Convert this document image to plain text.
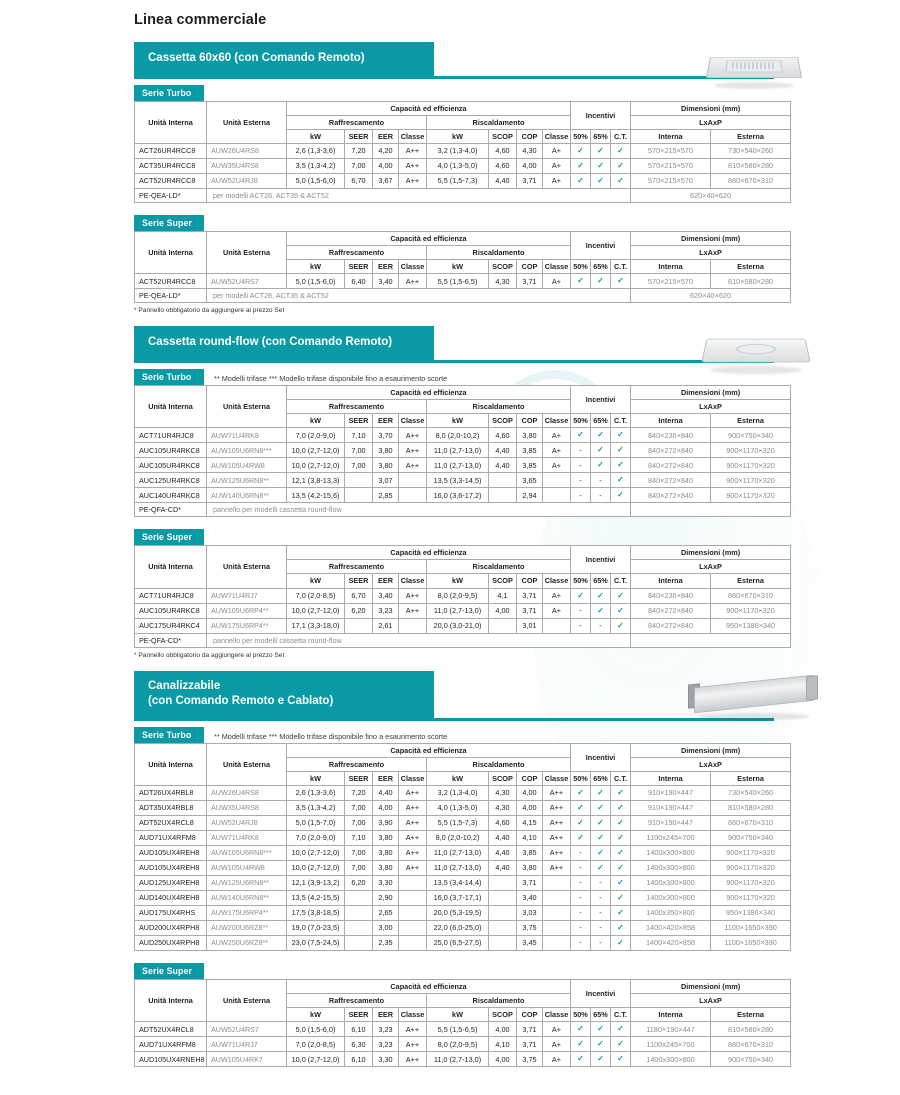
Linea commerciale
Cassetta 60x60 (con Comando Remoto)
Serie Turbo
Unità Interna	Unità Esterna	Capacità ed efficienza								Incentivi			Dimensioni (mm)	
		Raffrescamento				Riscaldamento							LxAxP	
		kW	SEER	EER	Classe	kW	SCOP	COP	Classe	50%	65%	C.T.	Interna	Esterna
ACT26UR4RCC8	AUW26U4RS8	2,6 (1,3-3,6)	7,20	4,20	A++	3,2 (1,3-4,0)	4,60	4,30	A+	✓	✓	✓	570×215×570	730×540×260
ACT35UR4RCC8	AUW35U4RS8	3,5 (1,3-4,2)	7,00	4,00	A++	4,0 (1,3-5,0)	4,60	4,00	A+	✓	✓	✓	570×215×570	810×580×280
ACT52UR4RCC8	AUW52U4RJ8	5,0 (1,5-6,0)	6,70	3,67	A++	5,5 (1,5-7,3)	4,40	3,71	A+	✓	✓	✓	570×215×570	860×670×310
PE-QEA-LD*	per modelli ACT26, ACT35 & ACT52												620×40×620	
Serie Super
Unità Interna	Unità Esterna	Capacità ed efficienza								Incentivi			Dimensioni (mm)	
		Raffrescamento				Riscaldamento							LxAxP	
		kW	SEER	EER	Classe	kW	SCOP	COP	Classe	50%	65%	C.T.	Interna	Esterna
ACT52UR4RCC8	AUW52U4RS7	5,0 (1,5-6,0)	6,40	3,40	A++	5,5 (1,5-6,5)	4,30	3,71	A+	✓	✓	✓	570×215×570	810×580×280
PE-QEA-LD*	per modelli ACT26, ACT35 & ACT52												620×40×620	
* Pannello obbligatorio da aggiungere al prezzo Set
Cassetta round-flow (con Comando Remoto)
Serie Turbo	** Modelli trifase *** Modello trifase disponibile fino a esaurimento scorte
Unità Interna	Unità Esterna	Capacità ed efficienza								Incentivi			Dimensioni (mm)	
		Raffrescamento				Riscaldamento							LxAxP	
		kW	SEER	EER	Classe	kW	SCOP	COP	Classe	50%	65%	C.T.	Interna	Esterna
ACT71UR4RJC8	AUW71U4RK8	7,0 (2,0-9,0)	7,10	3,70	A++	8,0 (2,0-10,2)	4,60	3,80	A+	✓	✓	✓	840×236×840	900×750×340
AUC105UR4RKC8	AUW105U6RN8***	10,0 (2,7-12,0)	7,00	3,80	A++	11,0 (2,7-13,0)	4,40	3,85	A+	-	✓	✓	840×272×840	900×1170×320
AUC105UR4RKC8	AUW105U4RW8	10,0 (2,7-12,0)	7,00	3,80	A++	11,0 (2,7-13,0)	4,40	3,85	A+	-	✓	✓	840×272×840	900×1170×320
AUC125UR4RKC8	AUW125U6RN8**	12,1 (3,8-13,3)		3,07		13,5 (3,3-14,5)		3,65		-	-	✓	840×272×840	900×1170×320
AUC140UR4RKC8	AUW140U6RN8**	13,5 (4,2-15,6)		2,85		16,0 (3,6-17,2)		2,94		-	-	✓	840×272×840	900×1170×320
PE-QFA-CD*	pannello per modelli cassetta round-flow													
Serie Super
Unità Interna	Unità Esterna	Capacità ed efficienza								Incentivi			Dimensioni (mm)	
		Raffrescamento				Riscaldamento							LxAxP	
		kW	SEER	EER	Classe	kW	SCOP	COP	Classe	50%	65%	C.T.	Interna	Esterna
ACT71UR4RJC8	AUW71U4RJ7	7,0 (2,0-8,5)	6,70	3,40	A++	8,0 (2,0-9,5)	4,1	3,71	A+	✓	✓	✓	840×236×840	860×670×310
AUC105UR4RKC8	AUW105U6RP4**	10,0 (2,7-12,0)	6,20	3,23	A++	11,0 (2,7-13,0)	4,00	3,71	A+	-	✓	✓	840×272×840	900×1170×320
AUC175UR4RKC4	AUW175U6RP4**	17,1 (3,3-18,0)		2,61		20,0 (3,0-21,0)		3,01		-	-	✓	840×272×840	950×1386×340
PE-QFA-CD*	pannello per modelli cassetta round-flow													
* Pannello obbligatorio da aggiungere al prezzo Set
Canalizzabile
(con Comando Remoto e Cablato)
Serie Turbo	** Modelli trifase *** Modello trifase disponibile fino a esaurimento scorte
Unità Interna	Unità Esterna	Capacità ed efficienza								Incentivi			Dimensioni (mm)	
		Raffrescamento				Riscaldamento							LxAxP	
		kW	SEER	EER	Classe	kW	SCOP	COP	Classe	50%	65%	C.T.	Interna	Esterna
ADT26UX4RBL8	AUW26U4RS8	2,6 (1,3-3,6)	7,20	4,40	A++	3,2 (1,3-4,0)	4,30	4,00	A++	✓	✓	✓	910×190×447	730×540×260
ADT35UX4RBL8	AUW35U4RS8	3,5 (1,3-4,2)	7,00	4,00	A++	4,0 (1,3-5,0)	4,30	4,00	A++	✓	✓	✓	910×190×447	810×580×280
ADT52UX4RCL8	AUW52U4RJ8	5,0 (1,5-7,0)	7,00	3,90	A++	5,5 (1,5-7,3)	4,60	4,15	A++	✓	✓	✓	910×190×447	860×670×310
AUD71UX4RFM8	AUW71U4RK8	7,0 (2,0-9,0)	7,10	3,80	A++	8,0 (2,0-10,2)	4,40	4,10	A++	✓	✓	✓	1100x245×700	900×750×340
AUD105UX4REH8	AUW105U6RN8***	10,0 (2,7-12,0)	7,00	3,80	A++	11,0 (2,7-13,0)	4,40	3,85	A++	-	✓	✓	1400x300×800	900×1170×320
AUD105UX4REH8	AUW105U4RW8	10,0 (2,7-12,0)	7,00	3,80	A++	11,0 (2,7-13,0)	4,40	3,80	A++	-	✓	✓	1400x300×800	900×1170×320
AUD125UX4REH8	AUW125U6RN8**	12,1 (3,9-13,2)	6,20	3,30		13,5 (3,4-14,4)		3,71		-	-	✓	1400x300×800	900×1170×320
AUD140UX4REH8	AUW140U6RN8**	13,5 (4,2-15,5)		2,90		16,0 (3,7-17,1)		3,40		-	-	✓	1400x300×800	900×1170×320
AUD175UX4RHS	AUW175U6RP4**	17,5 (3,8-18,5)		2,65		20,0 (5,3-19,5)		3,03		-	-	✓	1400x350×800	950×1386×340
AUD200UX4RPH8	AUW200U6RZ8**	19,0 (7,0-23,5)		3,00		22,0 (6,0-25,0)		3,75		-	-	✓	1400×420×858	1100×1650×390
AUD250UX4RPH8	AUW250U6RZ8**	23,0 (7,5-24,5)		2,35		25,0 (6,5-27,5)		3,45		-	-	✓	1400×420×858	1100×1650×390
Serie Super
Unità Interna	Unità Esterna	Capacità ed efficienza								Incentivi			Dimensioni (mm)	
		Raffrescamento				Riscaldamento							LxAxP	
		kW	SEER	EER	Classe	kW	SCOP	COP	Classe	50%	65%	C.T.	Interna	Esterna
ADT52UX4RCL8	AUW52U4RS7	5,0 (1,5-6,0)	6,10	3,23	A++	5,5 (1,5-6,5)	4,00	3,71	A+	✓	✓	✓	1180×190×447	810×580×280
AUD71UX4RFM8	AUW71U4RJ7	7,0 (2,0-8,5)	6,30	3,23	A++	8,0 (2,0-9,5)	4,10	3,71	A+	✓	✓	✓	1100x245×700	860×670×310
AUD105UX4RNEH8	AUW105U4RK7	10,0 (2,7-12,0)	6,10	3,30	A++	11,0 (2,7-13,0)	4,00	3,75	A+	✓	✓	✓	1400x300×800	900×750×340
